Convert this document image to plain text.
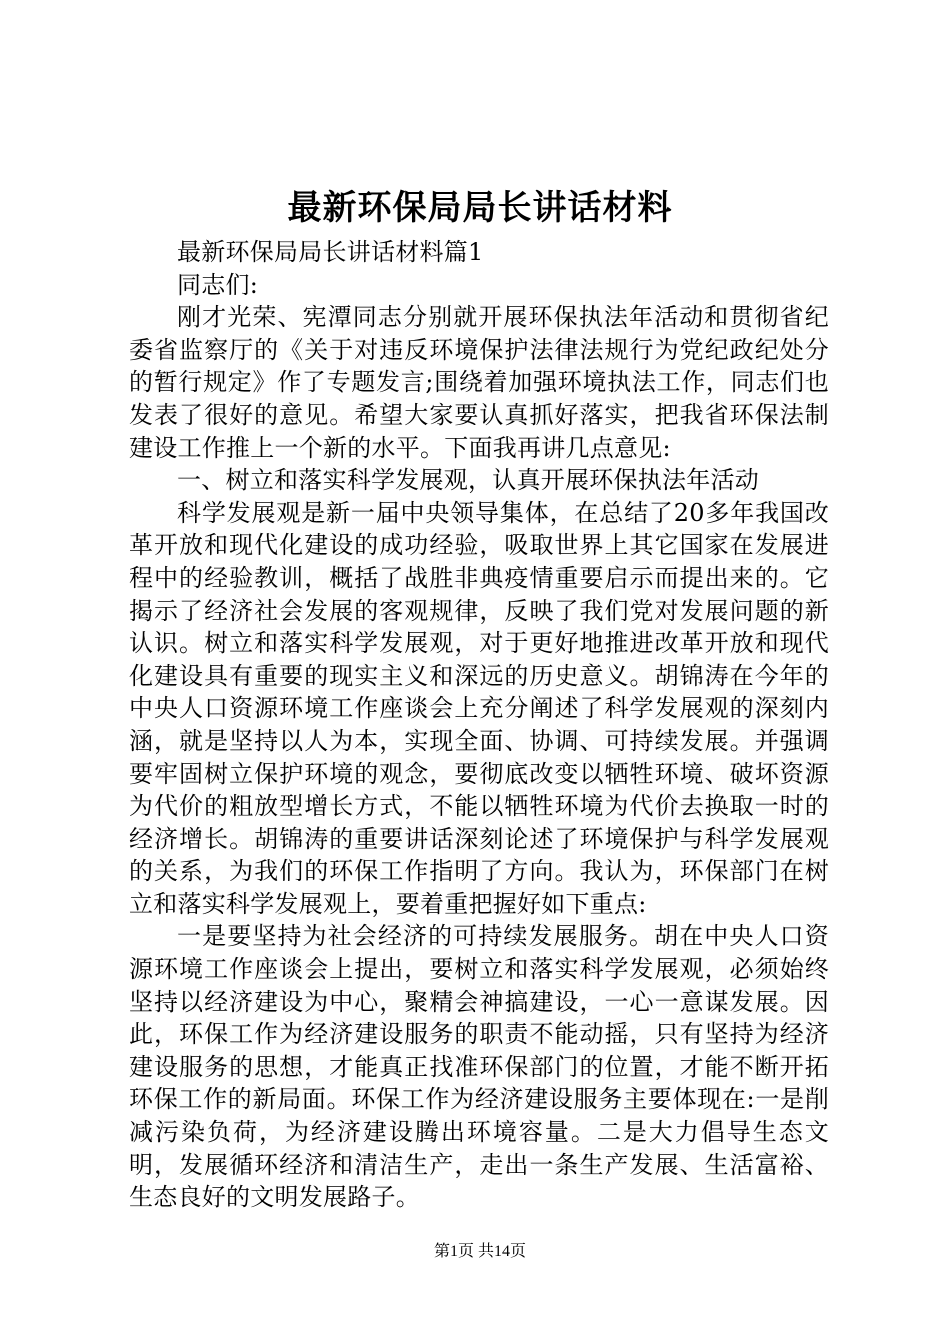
最新环保局局长讲话材料

最新环保局局长讲话材料篇1

同志们:

刚才光荣、宪潭同志分别就开展环保执法年活动和贯彻省纪委省监察厅的《关于对违反环境保护法律法规行为党纪政纪处分的暂行规定》作了专题发言;围绕着加强环境执法工作，同志们也发表了很好的意见。希望大家要认真抓好落实，把我省环保法制建设工作推上一个新的水平。下面我再讲几点意见:

一、树立和落实科学发展观，认真开展环保执法年活动

科学发展观是新一届中央领导集体，在总结了20多年我国改革开放和现代化建设的成功经验，吸取世界上其它国家在发展进程中的经验教训，概括了战胜非典疫情重要启示而提出来的。它揭示了经济社会发展的客观规律，反映了我们党对发展问题的新认识。树立和落实科学发展观，对于更好地推进改革开放和现代化建设具有重要的现实主义和深远的历史意义。胡锦涛在今年的中央人口资源环境工作座谈会上充分阐述了科学发展观的深刻内涵，就是坚持以人为本，实现全面、协调、可持续发展。并强调要牢固树立保护环境的观念，要彻底改变以牺牲环境、破坏资源为代价的粗放型增长方式，不能以牺牲环境为代价去换取一时的经济增长。胡锦涛的重要讲话深刻论述了环境保护与科学发展观的关系，为我们的环保工作指明了方向。我认为，环保部门在树立和落实科学发展观上，要着重把握好如下重点:

一是要坚持为社会经济的可持续发展服务。胡在中央人口资源环境工作座谈会上提出，要树立和落实科学发展观，必须始终坚持以经济建设为中心，聚精会神搞建设，一心一意谋发展。因此，环保工作为经济建设服务的职责不能动摇，只有坚持为经济建设服务的思想，才能真正找准环保部门的位置，才能不断开拓环保工作的新局面。环保工作为经济建设服务主要体现在:一是削减污染负荷，为经济建设腾出环境容量。二是大力倡导生态文明，发展循环经济和清洁生产，走出一条生产发展、生活富裕、生态良好的文明发展路子。

第1页 共14页
